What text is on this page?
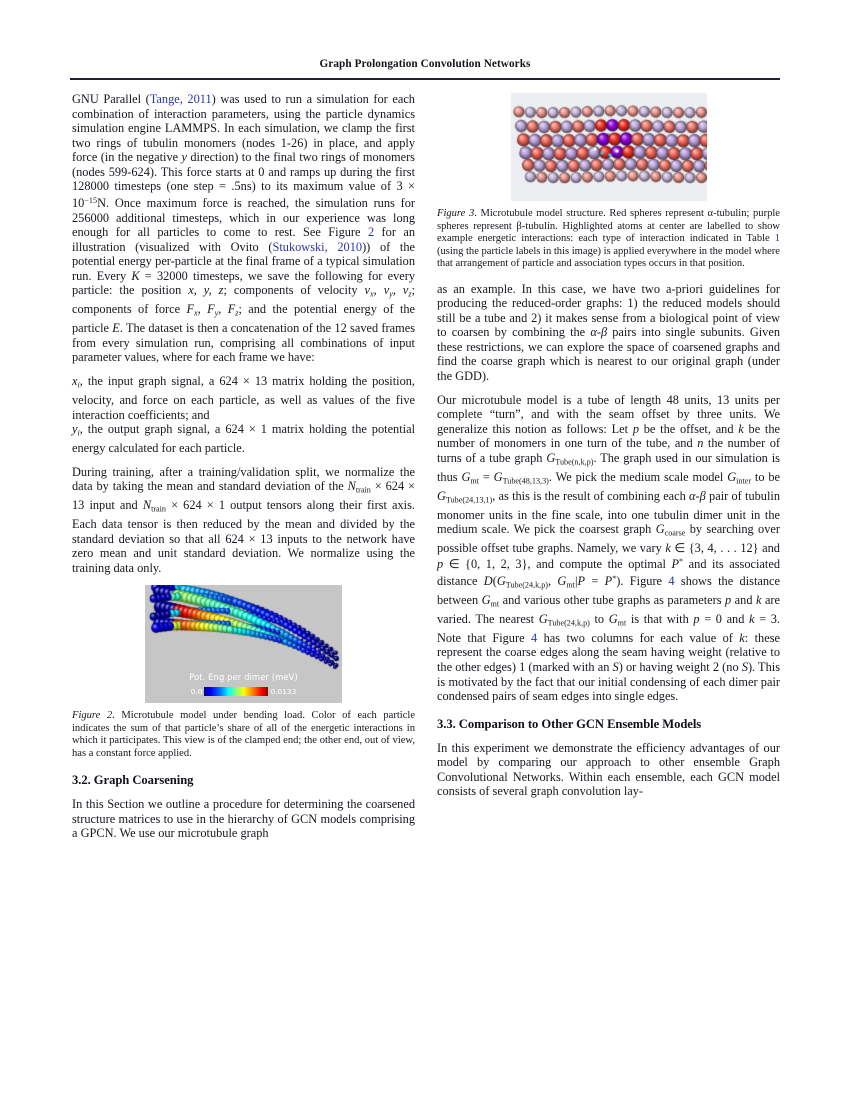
Graph Prolongation Convolution Networks

GNU Parallel (Tange, 2011) was used to run a simulation for each combination of interaction parameters, using the particle dynamics simulation engine LAMMPS. In each simulation, we clamp the first two rings of tubulin monomers (nodes 1-26) in place, and apply force (in the negative y direction) to the final two rings of monomers (nodes 599-624). This force starts at 0 and ramps up during the first 128000 timesteps (one step = .5ns) to its maximum value of $3 \times 10^{-15}N$. Once maximum force is reached, the simulation runs for 256000 additional timesteps, which in our experience was long enough for all particles to come to rest. See Figure 2 for an illustration (visualized with Ovito (Stukowski, 2010)) of the potential energy per-particle at the final frame of a typical simulation run. Every K = 32000 timesteps, we save the following for every particle: the position x, y, z; components of velocity $v_x$, $v_y$, $v_z$; components of force $F_x$, $F_y$, $F_z$; and the potential energy of the particle E. The dataset is then a concatenation of the 12 saved frames from every simulation run, comprising all combinations of input parameter values, where for each frame we have:

$x_i$, the input graph signal, a 624 × 13 matrix holding the position, velocity, and force on each particle, as well as values of the five interaction coefficients; and

$y_i$, the output graph signal, a 624 × 1 matrix holding the potential energy calculated for each particle.

During training, after a training/validation split, we normalize the data by taking the mean and standard deviation of the $N_{train} \times 624 \times 13$ input and $N_{train} \times 624 \times 1$ output tensors along their first axis. Each data tensor is then reduced by the mean and divided by the standard deviation so that all 624 × 13 inputs to the network have zero mean and unit standard deviation. We normalize using the training data only.

Pot. Eng per dimer (meV)
0.0	0.0133

Figure 2. Microtubule model under bending load. Color of each particle indicates the sum of that particle’s share of all of the energetic interactions in which it participates. This view is of the clamped end; the other end, out of view, has a constant force applied.

3.2. Graph Coarsening

In this Section we outline a procedure for determining the coarsened structure matrices to use in the hierarchy of GCN models comprising a GPCN. We use our microtubule graph

Figure 3. Microtubule model structure. Red spheres represent α-tubulin; purple spheres represent β-tubulin. Highlighted atoms at center are labelled to show example energetic interactions: each type of interaction indicated in Table 1 (using the particle labels in this image) is applied everywhere in the model where that arrangement of particle and association types occurs in that position.

as an example. In this case, we have two a-priori guidelines for producing the reduced-order graphs: 1) the reduced models should still be a tube and 2) it makes sense from a biological point of view to coarsen by combining the α-β pairs into single subunits. Given these restrictions, we can explore the space of coarsened graphs and find the coarse graph which is nearest to our original graph (under the GDD).

Our microtubule model is a tube of length 48 units, 13 units per complete “turn”, and with the seam offset by three units. We generalize this notion as follows: Let p be the offset, and k be the number of monomers in one turn of the tube, and n the number of turns of a tube graph $G_{Tube(n,k,p)}$. The graph used in our simulation is thus $G_{mt} = G_{Tube(48,13,3)}$. We pick the medium scale model $G_{inter}$ to be $G_{Tube(24,13,1)}$, as this is the result of combining each α-β pair of tubulin monomer units in the fine scale, into one tubulin dimer unit in the medium scale. We pick the coarsest graph $G_{coarse}$ by searching over possible offset tube graphs. Namely, we vary k ∈ {3, 4, . . . 12} and p ∈ {0, 1, 2, 3}, and compute the optimal P* and its associated distance $D(G_{Tube(24,k,p)}$, $G_{mt}|P = P^*$). Figure 4 shows the distance between $G_{mt}$ and various other tube graphs as parameters p and k are varied. The nearest $G_{Tube(24,k,p)}$ to $G_{mt}$ is that with p = 0 and k = 3. Note that Figure 4 has two columns for each value of k: these represent the coarse edges along the seam having weight (relative to the other edges) 1 (marked with an S) or having weight 2 (no S). This is motivated by the fact that our initial condensing of each dimer pair condensed pairs of seam edges into single edges.

3.3. Comparison to Other GCN Ensemble Models

In this experiment we demonstrate the efficiency advantages of our model by comparing our approach to other ensemble Graph Convolutional Networks. Within each ensemble, each GCN model consists of several graph convolution lay-
